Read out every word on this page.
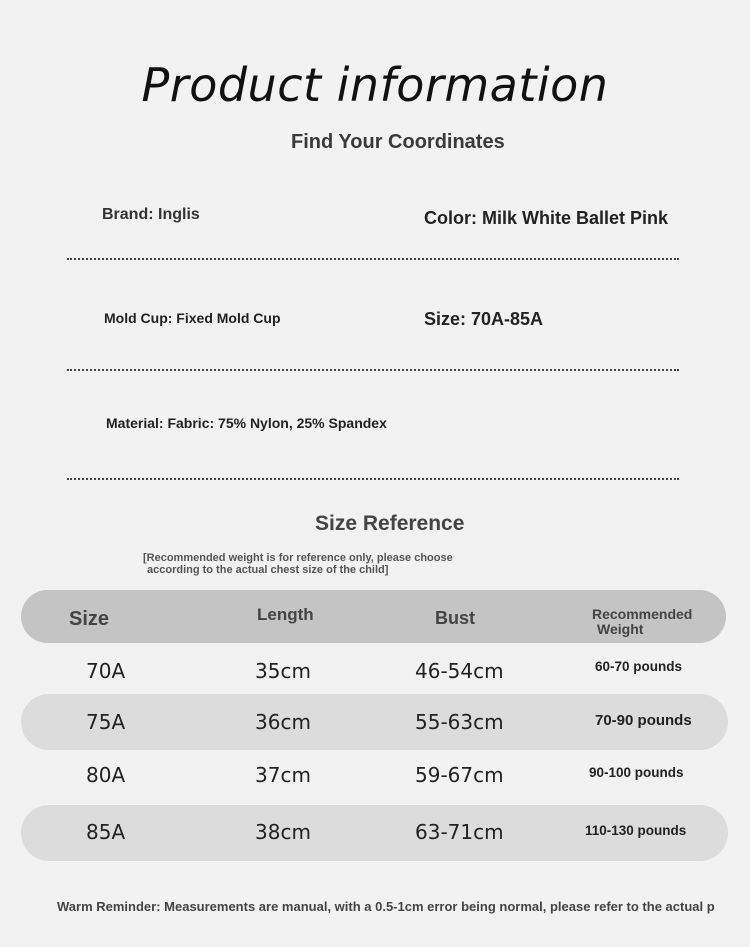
Product information
Find Your Coordinates
Brand: Inglis	Color: Milk White Ballet Pink
Mold Cup: Fixed Mold Cup	Size: 70A-85A
Material: Fabric: 75% Nylon, 25% Spandex
Size Reference
[Recommended weight is for reference only, please choose
according to the actual chest size of the child]
Size	Length	Bust	Recommended
Weight
70A	35cm	46-54cm	60-70 pounds
75A	36cm	55-63cm	70-90 pounds
80A	37cm	59-67cm	90-100 pounds
85A	38cm	63-71cm	110-130 pounds
Warm Reminder: Measurements are manual, with a 0.5-1cm error being normal, please refer to the actual p
